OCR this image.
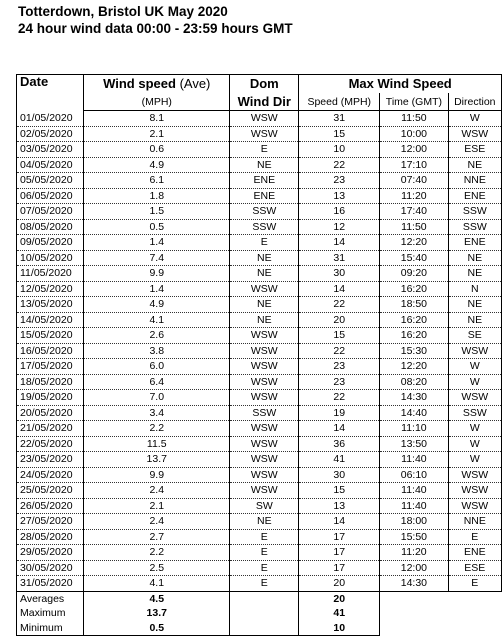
Totterdown, Bristol UK May 2020
24 hour wind data 00:00 - 23:59 hours GMT
Date	Wind speed (Ave)	Dom	Max Wind Speed		
	(MPH)	Wind Dir	Speed (MPH)	Time (GMT)	Direction
01/05/2020	8.1	WSW	31	11:50	W
02/05/2020	2.1	WSW	15	10:00	WSW
03/05/2020	0.6	E	10	12:00	ESE
04/05/2020	4.9	NE	22	17:10	NE
05/05/2020	6.1	ENE	23	07:40	NNE
06/05/2020	1.8	ENE	13	11:20	ENE
07/05/2020	1.5	SSW	16	17:40	SSW
08/05/2020	0.5	SSW	12	11:50	SSW
09/05/2020	1.4	E	14	12:20	ENE
10/05/2020	7.4	NE	31	15:40	NE
11/05/2020	9.9	NE	30	09:20	NE
12/05/2020	1.4	WSW	14	16:20	N
13/05/2020	4.9	NE	22	18:50	NE
14/05/2020	4.1	NE	20	16:20	NE
15/05/2020	2.6	WSW	15	16:20	SE
16/05/2020	3.8	WSW	22	15:30	WSW
17/05/2020	6.0	WSW	23	12:20	W
18/05/2020	6.4	WSW	23	08:20	W
19/05/2020	7.0	WSW	22	14:30	WSW
20/05/2020	3.4	SSW	19	14:40	SSW
21/05/2020	2.2	WSW	14	11:10	W
22/05/2020	11.5	WSW	36	13:50	W
23/05/2020	13.7	WSW	41	11:40	W
24/05/2020	9.9	WSW	30	06:10	WSW
25/05/2020	2.4	WSW	15	11:40	WSW
26/05/2020	2.1	SW	13	11:40	WSW
27/05/2020	2.4	NE	14	18:00	NNE
28/05/2020	2.7	E	17	15:50	E
29/05/2020	2.2	E	17	11:20	ENE
30/05/2020	2.5	E	17	12:00	ESE
31/05/2020	4.1	E	20	14:30	E
Averages	4.5		20		
Maximum	13.7		41		
Minimum	0.5		10		
